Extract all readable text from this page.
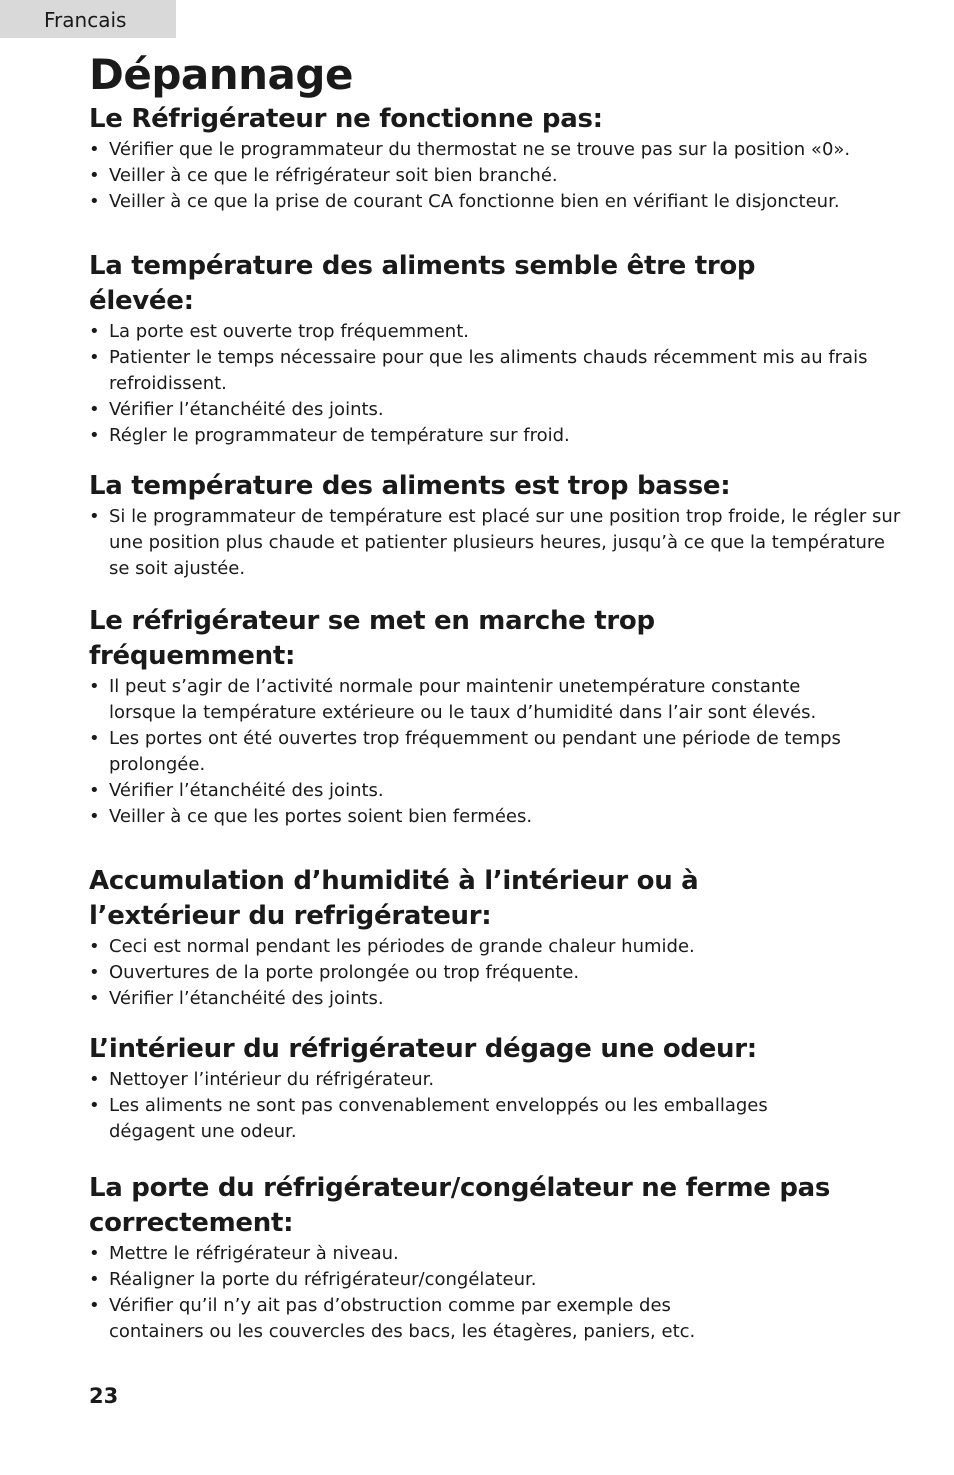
Francais
Dépannage
Le Réfrigérateur ne fonctionne pas:
• Vérifier que le programmateur du thermostat ne se trouve pas sur la position «0».
• Veiller à ce que le réfrigérateur soit bien branché.
• Veiller à ce que la prise de courant CA fonctionne bien en vérifiant le disjoncteur.
La température des aliments semble être trop élevée:
• La porte est ouverte trop fréquemment.
• Patienter le temps nécessaire pour que les aliments chauds récemment mis au frais refroidissent.
• Vérifier l’étanchéité des joints.
• Régler le programmateur de température sur froid.
La température des aliments est trop basse:
• Si le programmateur de température est placé sur une position trop froide, le régler sur une position plus chaude et patienter plusieurs heures, jusqu’à ce que la température se soit ajustée.
Le réfrigérateur se met en marche trop fréquemment:
• Il peut s’agir de l’activité normale pour maintenir unetempérature constante lorsque la température extérieure ou le taux d’humidité dans l’air sont élevés.
• Les portes ont été ouvertes trop fréquemment ou pendant une période de temps prolongée.
• Vérifier l’étanchéité des joints.
• Veiller à ce que les portes soient bien fermées.
Accumulation d’humidité à l’intérieur ou à l’extérieur du refrigérateur:
• Ceci est normal pendant les périodes de grande chaleur humide.
• Ouvertures de la porte prolongée ou trop fréquente.
• Vérifier l’étanchéité des joints.
L’intérieur du réfrigérateur dégage une odeur:
• Nettoyer l’intérieur du réfrigérateur.
• Les aliments ne sont pas convenablement enveloppés ou les emballages dégagent une odeur.
La porte du réfrigérateur/congélateur ne ferme pas correctement:
• Mettre le réfrigérateur à niveau.
• Réaligner la porte du réfrigérateur/congélateur.
• Vérifier qu’il n’y ait pas d’obstruction comme par exemple des containers ou les couvercles des bacs, les étagères, paniers, etc.
23
